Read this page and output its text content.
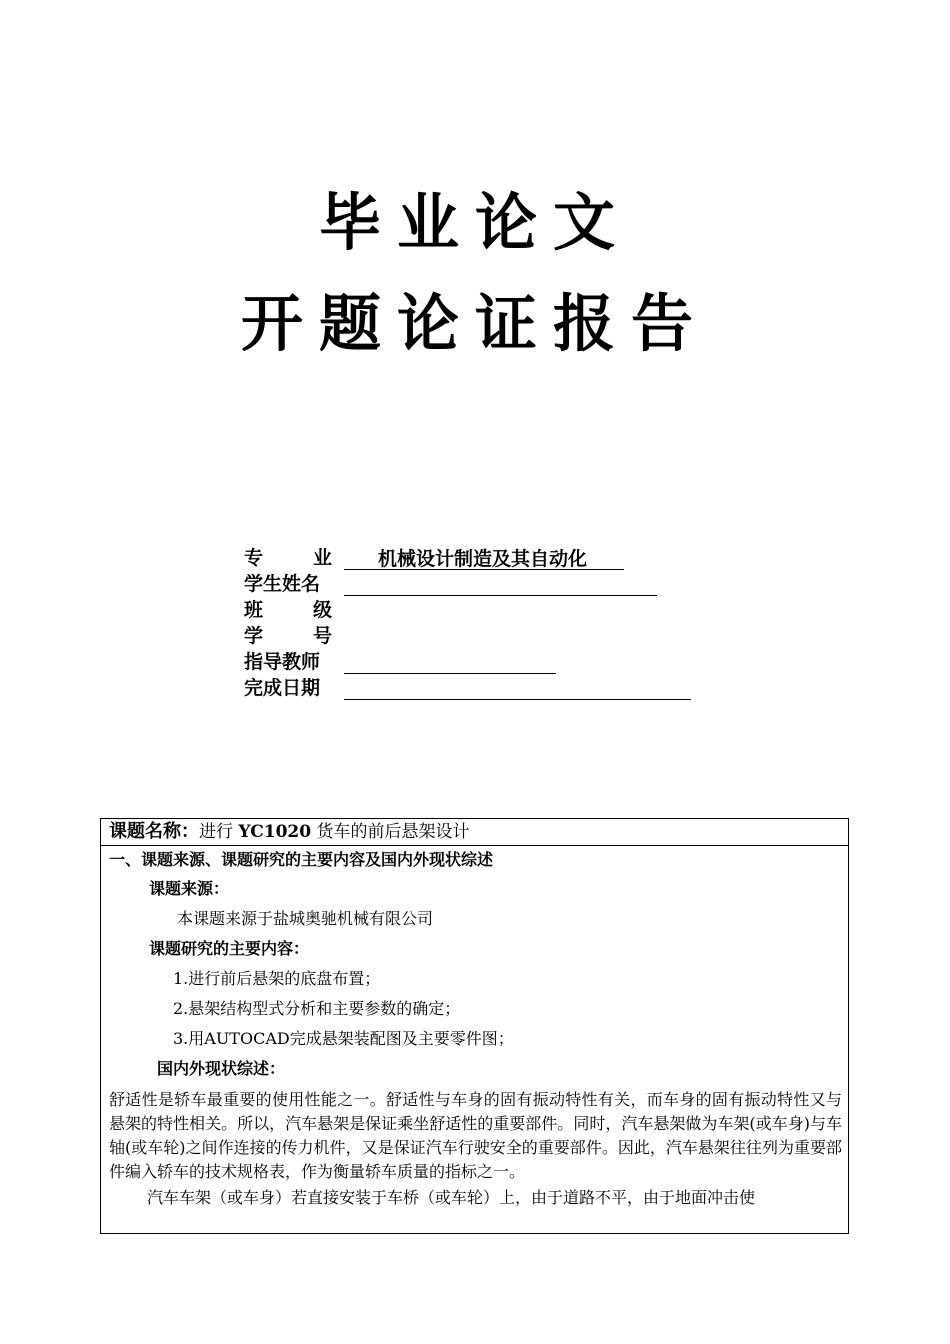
毕业论文
开题论证报告
专	业	机械设计制造及其自动化
学生姓名
班	级
学	号
指导教师
完成日期
课题名称：进行 YC1020 货车的前后悬架设计
一、课题来源、课题研究的主要内容及国内外现状综述
课题来源：
本课题来源于盐城奥驰机械有限公司
课题研究的主要内容：
1.进行前后悬架的底盘布置；
2.悬架结构型式分析和主要参数的确定；
3.用AUTOCAD完成悬架装配图及主要零件图；
国内外现状综述：
舒适性是轿车最重要的使用性能之一。舒适性与车身的固有振动特性有关，而车身的固有振动特性又与悬架的特性相关。所以，汽车悬架是保证乘坐舒适性的重要部件。同时，汽车悬架做为车架(或车身)与车轴(或车轮)之间作连接的传力机件，又是保证汽车行驶安全的重要部件。因此，汽车悬架往往列为重要部件编入轿车的技术规格表，作为衡量轿车质量的指标之一。
汽车车架（或车身）若直接安装于车桥（或车轮）上，由于道路不平，由于地面冲击使
